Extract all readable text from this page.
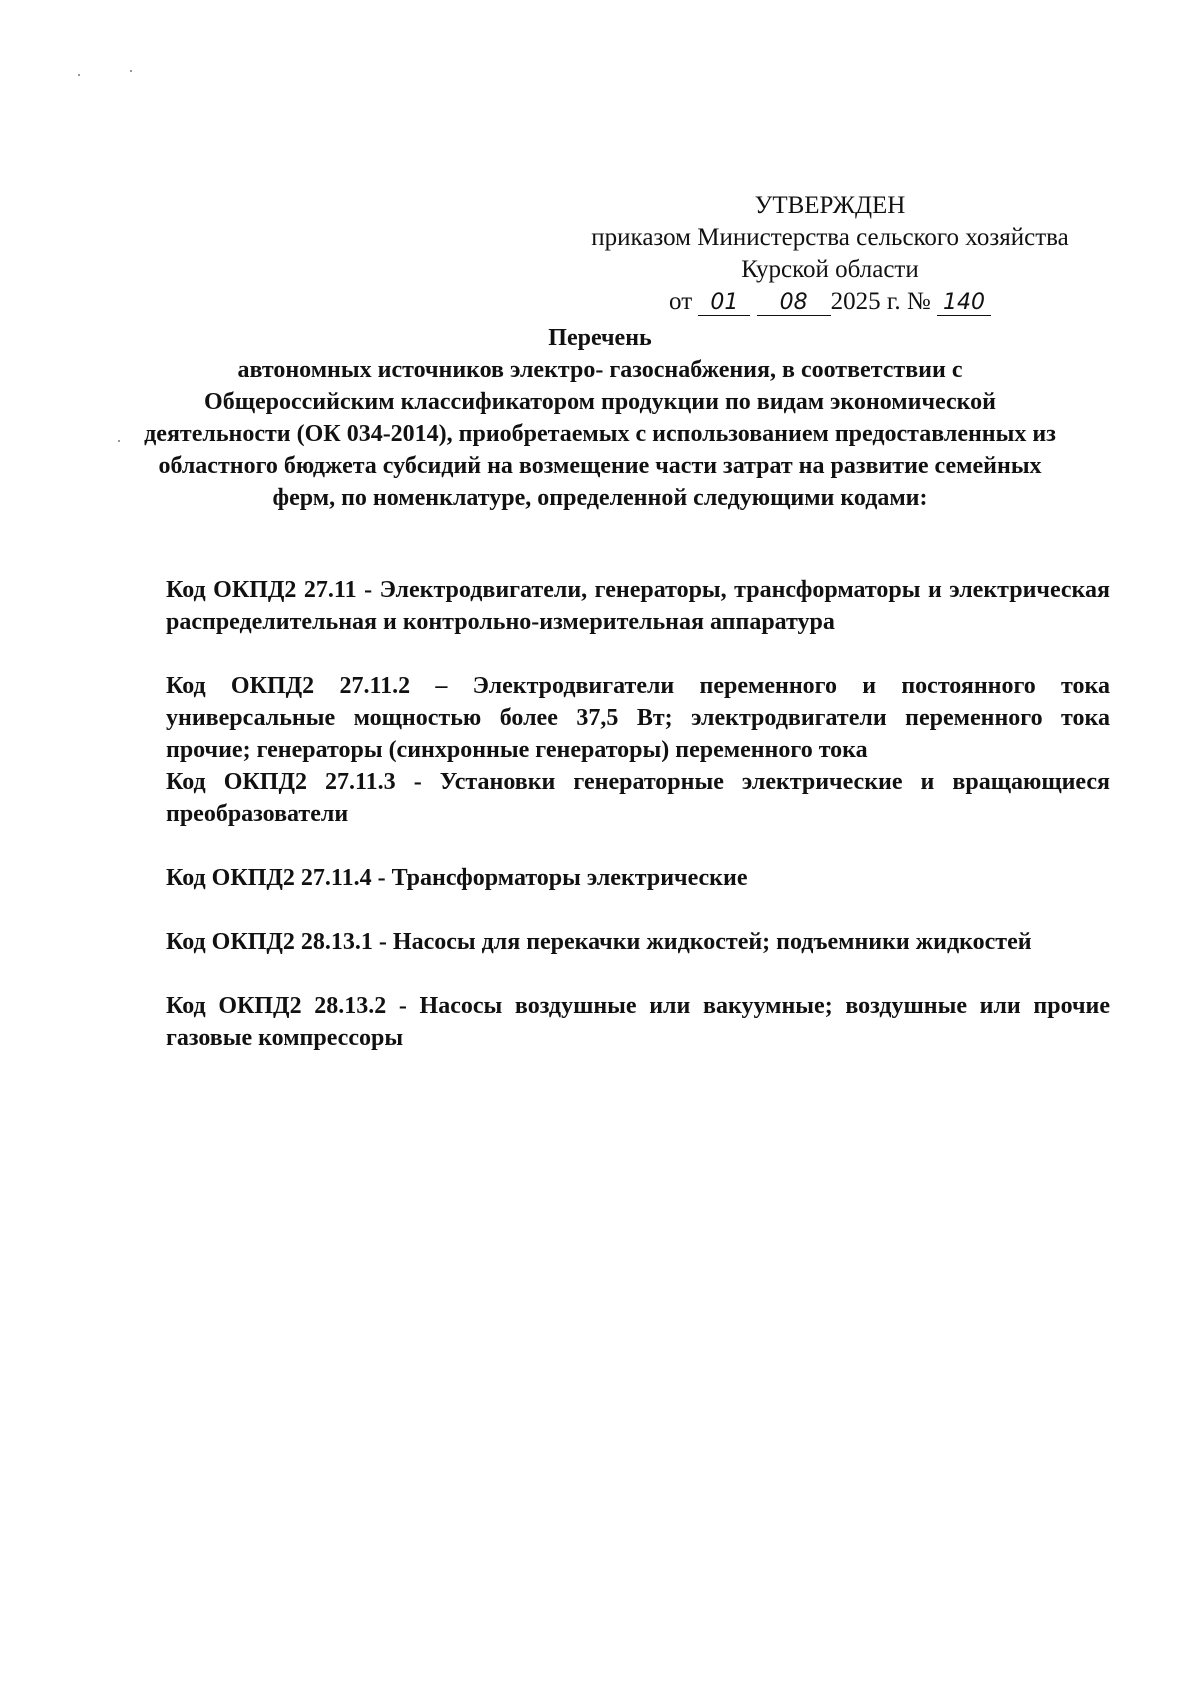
УТВЕРЖДЕН
приказом Министерства сельского хозяйства
Курской области
от 01 08 2025 г. № 140
Перечень
автономных источников электро- газоснабжения, в соответствии с Общероссийским классификатором продукции по видам экономической деятельности (ОК 034-2014), приобретаемых с использованием предоставленных из областного бюджета субсидий на возмещение части затрат на развитие семейных ферм, по номенклатуре, определенной следующими кодами:
Код ОКПД2 27.11 - Электродвигатели, генераторы, трансформаторы и электрическая распределительная и контрольно-измерительная аппаратура
Код ОКПД2 27.11.2 – Электродвигатели переменного и постоянного тока универсальные мощностью более 37,5 Вт; электродвигатели переменного тока прочие; генераторы (синхронные генераторы) переменного тока
Код ОКПД2 27.11.3 - Установки генераторные электрические и вращающиеся преобразователи
Код ОКПД2 27.11.4 - Трансформаторы электрические
Код ОКПД2 28.13.1 - Насосы для перекачки жидкостей; подъемники жидкостей
Код ОКПД2 28.13.2 - Насосы воздушные или вакуумные; воздушные или прочие газовые компрессоры
